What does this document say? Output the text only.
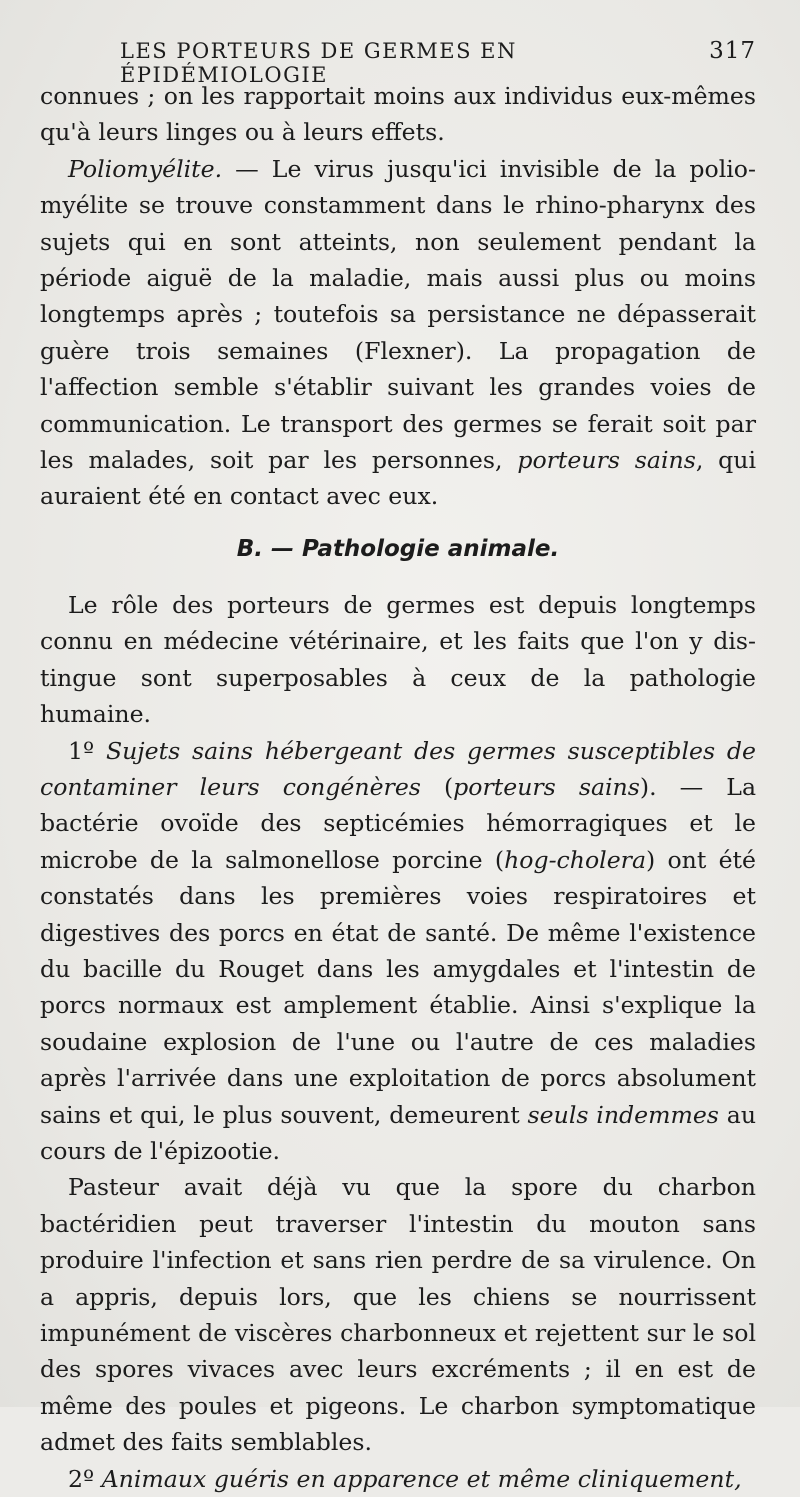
LES PORTEURS DE GERMES EN ÉPIDÉMIOLOGIE
317

connues ; on les rapportait moins aux individus eux-mêmes qu'à leurs linges ou à leurs effets.

Poliomyélite. — Le virus jusqu'ici invisible de la poliomyélite se trouve constamment dans le rhino-pharynx des sujets qui en sont atteints, non seulement pendant la période aiguë de la maladie, mais aussi plus ou moins longtemps après ; toutefois sa persistance ne dépasserait guère trois semaines (Flexner). La propagation de l'affection semble s'établir suivant les grandes voies de communication. Le transport des germes se ferait soit par les malades, soit par les personnes, porteurs sains, qui auraient été en contact avec eux.

B. — Pathologie animale.

Le rôle des porteurs de germes est depuis longtemps connu en médecine vétérinaire, et les faits que l'on y distingue sont superposables à ceux de la pathologie humaine.

1º Sujets sains hébergeant des germes susceptibles de contaminer leurs congénères (porteurs sains). — La bactérie ovoïde des septicémies hémorragiques et le microbe de la salmonellose porcine (hog-cholera) ont été constatés dans les premières voies respiratoires et digestives des porcs en état de santé. De même l'existence du bacille du Rouget dans les amygdales et l'intestin de porcs normaux est amplement établie. Ainsi s'explique la soudaine explosion de l'une ou l'autre de ces maladies après l'arrivée dans une exploitation de porcs absolument sains et qui, le plus souvent, demeurent seuls indemmes au cours de l'épizootie.

Pasteur avait déjà vu que la spore du charbon bactéridien peut traverser l'intestin du mouton sans produire l'infection et sans rien perdre de sa virulence. On a appris, depuis lors, que les chiens se nourrissent impunément de viscères charbonneux et rejettent sur le sol des spores vivaces avec leurs excréments ; il en est de même des poules et pigeons. Le charbon symptomatique admet des faits semblables.

2º Animaux guéris en apparence et même cliniquement,
